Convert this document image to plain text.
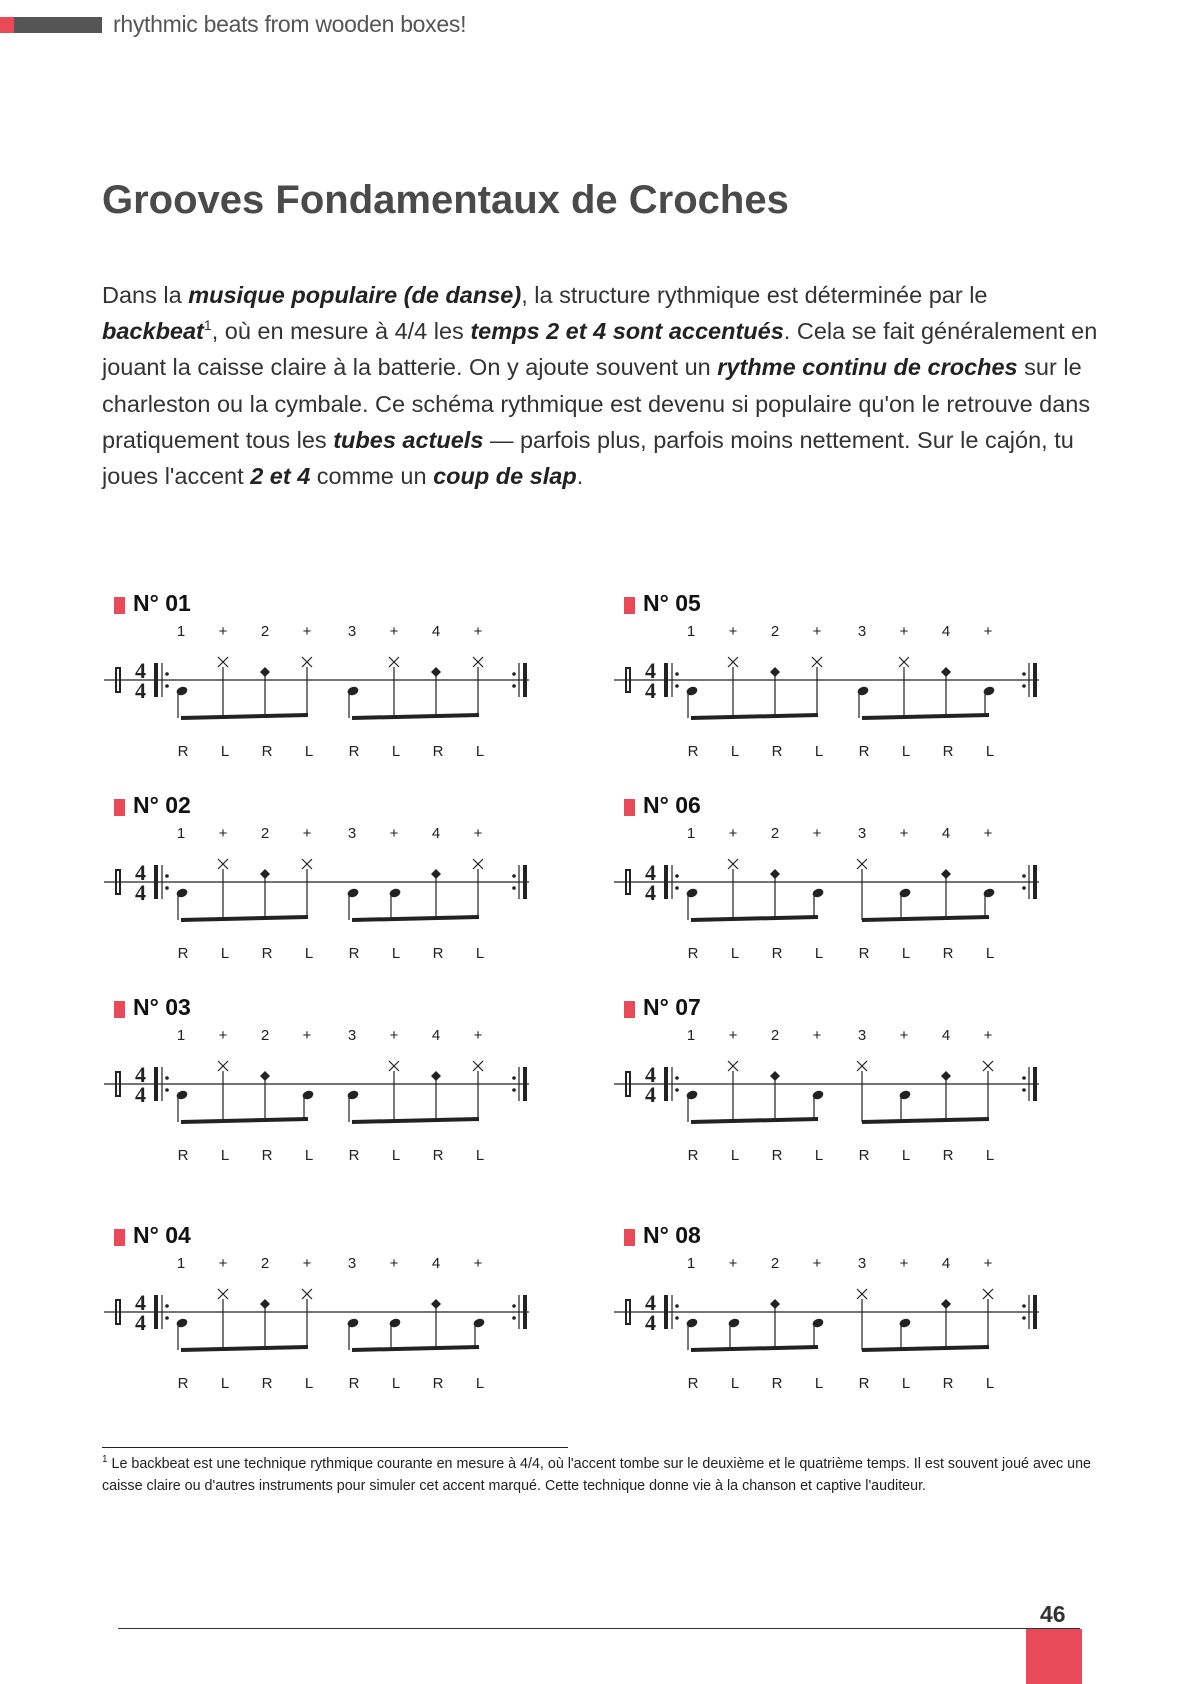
rhythmic beats from wooden boxes!
Grooves Fondamentaux de Croches

Dans la musique populaire (de danse), la structure rythmique est déterminée par le backbeat$^1$, où en mesure à 4/4 les temps 2 et 4 sont accentués. Cela se fait généralement en jouant la caisse claire à la batterie. On y ajoute souvent un rythme continu de croches sur le charleston ou la cymbale. Ce schéma rythmique est devenu si populaire qu'on le retrouve dans pratiquement tous les tubes actuels — parfois plus, parfois moins nettement. Sur le cajón, tu joues l'accent 2 et 4 comme un coup de slap.

N° 01
4
4
1
R
+
L
2
R
+
L
3
R
+
L
4
R
+
L
N° 02
4
4
1
R
+
L
2
R
+
L
3
R
+
L
4
R
+
L
N° 03
4
4
1
R
+
L
2
R
+
L
3
R
+
L
4
R
+
L
N° 04
4
4
1
R
+
L
2
R
+
L
3
R
+
L
4
R
+
L
N° 05
4
4
1
R
+
L
2
R
+
L
3
R
+
L
4
R
+
L
N° 06
4
4
1
R
+
L
2
R
+
L
3
R
+
L
4
R
+
L
N° 07
4
4
1
R
+
L
2
R
+
L
3
R
+
L
4
R
+
L
N° 08
4
4
1
R
+
L
2
R
+
L
3
R
+
L
4
R
+
L

$^1$ Le backbeat est une technique rythmique courante en mesure à 4/4, où l'accent tombe sur le deuxième et le quatrième temps. Il est souvent joué avec une caisse claire ou d'autres instruments pour simuler cet accent marqué. Cette technique donne vie à la chanson et captive l'auditeur.

46
